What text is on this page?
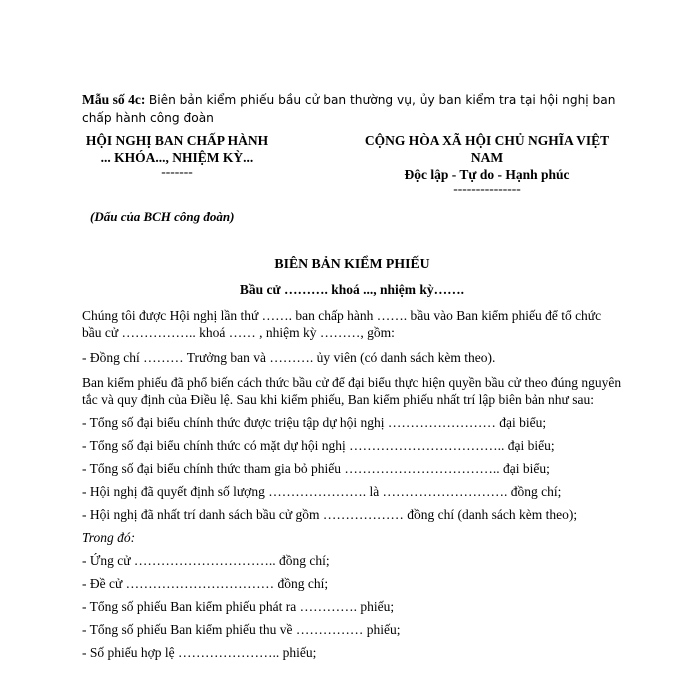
Mẫu số 4c: Biên bản kiểm phiếu bầu cử ban thường vụ, ủy ban kiểm tra tại hội nghị ban chấp hành công đoàn

HỘI NGHỊ BAN CHẤP HÀNH
... KHÓA..., NHIỆM KỲ...
-------
CỘNG HÒA XÃ HỘI CHỦ NGHĨA VIỆT NAM
Độc lập - Tự do - Hạnh phúc
---------------
(Dấu của BCH công đoàn)
BIÊN BẢN KIỂM PHIẾU
Bầu cử ………. khoá ..., nhiệm kỳ…….

Chúng tôi được Hội nghị lần thứ ……. ban chấp hành ……. bầu vào Ban kiểm phiếu để tổ chức bầu cử …………….. khoá …… , nhiệm kỳ ………, gồm:

- Đồng chí ……… Trưởng ban và ………. ủy viên (có danh sách kèm theo).

Ban kiểm phiếu đã phổ biến cách thức bầu cử để đại biểu thực hiện quyền bầu cử theo đúng nguyên tắc và quy định của Điều lệ. Sau khi kiểm phiếu, Ban kiểm phiếu nhất trí lập biên bản như sau:

- Tổng số đại biểu chính thức được triệu tập dự hội nghị …………………… đại biểu;

- Tổng số đại biểu chính thức có mặt dự hội nghị …………………………….. đại biểu;

- Tổng số đại biểu chính thức tham gia bỏ phiếu …………………………….. đại biểu;

- Hội nghị đã quyết định số lượng …………………. là ………………………. đồng chí;

- Hội nghị đã nhất trí danh sách bầu cử gồm ……………… đồng chí (danh sách kèm theo);

Trong đó:

- Ứng cử ………………………….. đồng chí;

- Đề cử …………………………… đồng chí;

- Tổng số phiếu Ban kiểm phiếu phát ra …………. phiếu;

- Tổng số phiếu Ban kiểm phiếu thu về …………… phiếu;

- Số phiếu hợp lệ ………………….. phiếu;
